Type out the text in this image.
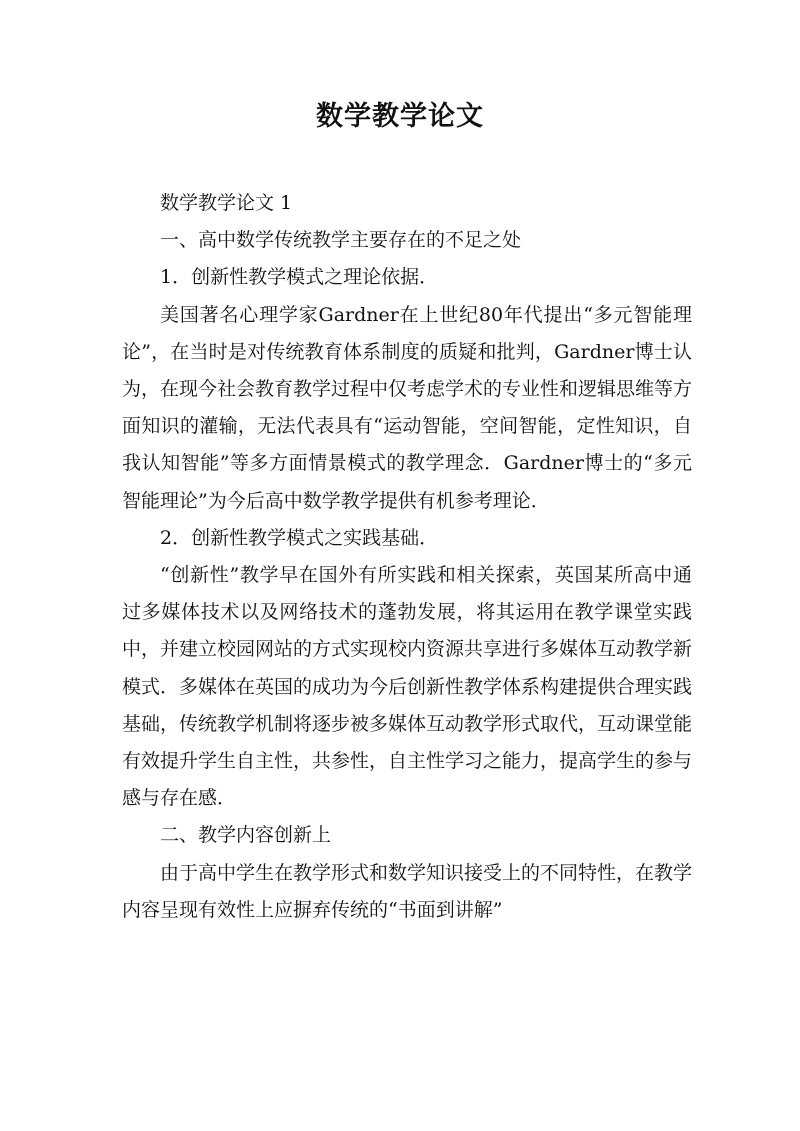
数学教学论文

数学教学论文 1

一、高中数学传统教学主要存在的不足之处

1．创新性教学模式之理论依据．

美国著名心理学家Gardner在上世纪80年代提出“多元智能理论”，在当时是对传统教育体系制度的质疑和批判，Gardner博士认为，在现今社会教育教学过程中仅考虑学术的专业性和逻辑思维等方面知识的灌输，无法代表具有“运动智能，空间智能，定性知识，自我认知智能”等多方面情景模式的教学理念．Gardner博士的“多元智能理论”为今后高中数学教学提供有机参考理论．

2．创新性教学模式之实践基础．

“创新性”教学早在国外有所实践和相关探索，英国某所高中通过多媒体技术以及网络技术的蓬勃发展，将其运用在教学课堂实践中，并建立校园网站的方式实现校内资源共享进行多媒体互动教学新模式．多媒体在英国的成功为今后创新性教学体系构建提供合理实践基础，传统教学机制将逐步被多媒体互动教学形式取代，互动课堂能有效提升学生自主性，共参性，自主性学习之能力，提高学生的参与感与存在感．

二、教学内容创新上

由于高中学生在教学形式和数学知识接受上的不同特性，在教学内容呈现有效性上应摒弃传统的“书面到讲解”
